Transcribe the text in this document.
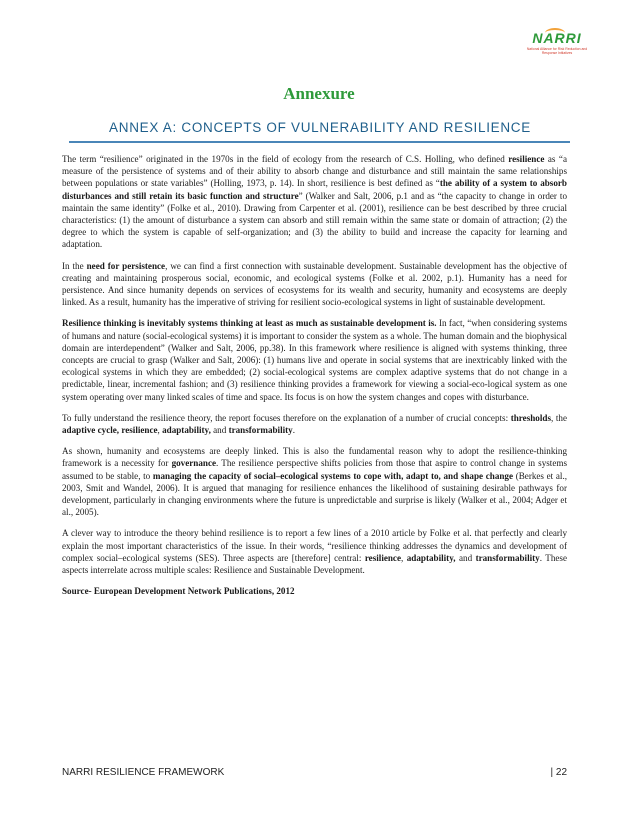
NARRI
National Alliance for Risk Reduction and Response Initiatives
Annexure
ANNEX A: CONCEPTS OF VULNERABILITY AND RESILIENCE

The term “resilience” originated in the 1970s in the field of ecology from the research of C.S. Holling, who defined resilience as “a measure of the persistence of systems and of their ability to absorb change and disturbance and still maintain the same relationships between populations or state variables” (Holling, 1973, p. 14). In short, resilience is best defined as “the ability of a system to absorb disturbances and still retain its basic function and structure” (Walker and Salt, 2006, p.1 and as “the capacity to change in order to maintain the same identity” (Folke et al., 2010). Drawing from Carpenter et al. (2001), resilience can be best described by three crucial characteristics: (1) the amount of disturbance a system can absorb and still remain within the same state or domain of attraction; (2) the degree to which the system is capable of self-organization; and (3) the ability to build and increase the capacity for learning and adaptation.

In the need for persistence, we can find a first connection with sustainable development. Sustainable development has the objective of creating and maintaining prosperous social, economic, and ecological systems (Folke et al. 2002, p.1). Humanity has a need for persistence. And since humanity depends on services of ecosystems for its wealth and security, humanity and ecosystems are deeply linked. As a result, humanity has the imperative of striving for resilient socio-ecological systems in light of sustainable development.

Resilience thinking is inevitably systems thinking at least as much as sustainable development is. In fact, “when considering systems of humans and nature (social-ecological systems) it is important to consider the system as a whole. The human domain and the biophysical domain are interdependent” (Walker and Salt, 2006, pp.38). In this framework where resilience is aligned with systems thinking, three concepts are crucial to grasp (Walker and Salt, 2006): (1) humans live and operate in social systems that are inextricably linked with the ecological systems in which they are embedded; (2) social-ecological systems are complex adaptive systems that do not change in a predictable, linear, incremental fashion; and (3) resilience thinking provides a framework for viewing a social-eco-logical system as one system operating over many linked scales of time and space. Its focus is on how the system changes and copes with disturbance.

To fully understand the resilience theory, the report focuses therefore on the explanation of a number of crucial concepts: thresholds, the adaptive cycle, resilience, adaptability, and transformability.

As shown, humanity and ecosystems are deeply linked. This is also the fundamental reason why to adopt the resilience-thinking framework is a necessity for governance. The resilience perspective shifts policies from those that aspire to control change in systems assumed to be stable, to managing the capacity of social–ecological systems to cope with, adapt to, and shape change (Berkes et al., 2003, Smit and Wandel, 2006). It is argued that managing for resilience enhances the likelihood of sustaining desirable pathways for development, particularly in changing environments where the future is unpredictable and surprise is likely (Walker et al., 2004; Adger et al., 2005).

A clever way to introduce the theory behind resilience is to report a few lines of a 2010 article by Folke et al. that perfectly and clearly explain the most important characteristics of the issue. In their words, “resilience thinking addresses the dynamics and development of complex social–ecological systems (SES). Three aspects are [therefore] central: resilience, adaptability, and transformability. These aspects interrelate across multiple scales: Resilience and Sustainable Development.

Source- European Development Network Publications, 2012

NARRI RESILIENCE FRAMEWORK	| 22
